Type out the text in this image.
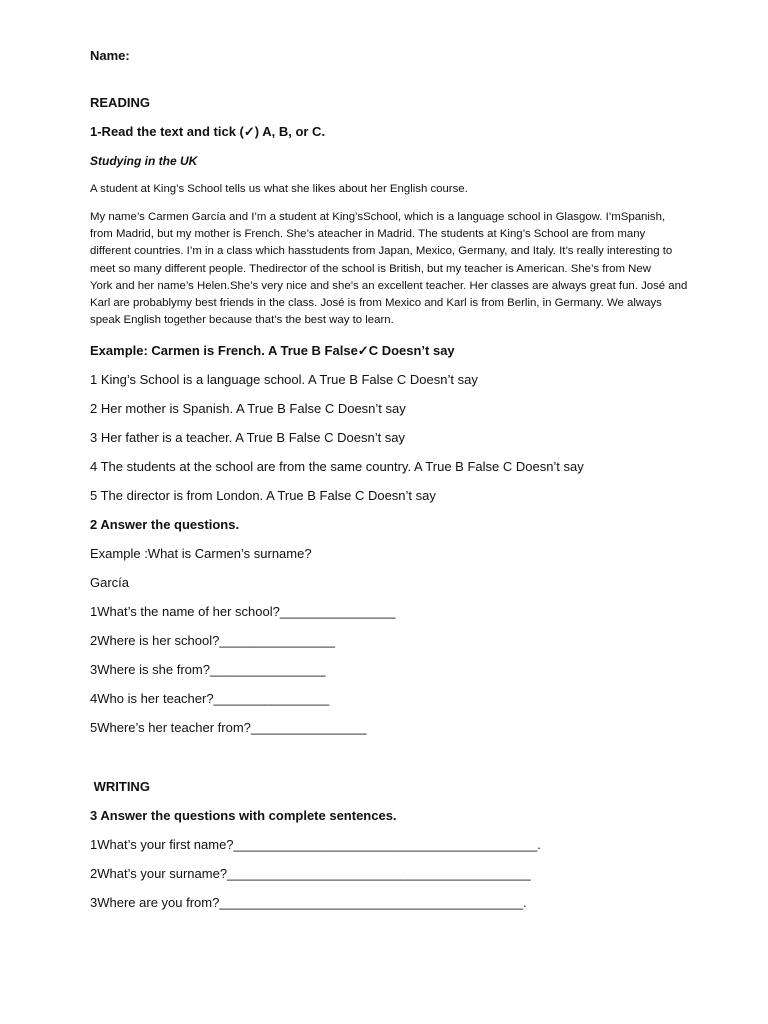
Name:
READING
1-Read the text and tick (✓) A, B, or C.
Studying in the UK
A student at King’s School tells us what she likes about her English course.
My name’s Carmen García and I’m a student at King’sSchool, which is a language school in Glasgow. I’mSpanish,
from Madrid, but my mother is French. She’s ateacher in Madrid. The students at King’s School are from many
different countries. I’m in a class which hasstudents from Japan, Mexico, Germany, and Italy. It’s really interesting to
meet so many different people. Thedirector of the school is British, but my teacher is American. She’s from New
York and her name’s Helen.She’s very nice and she’s an excellent teacher. Her classes are always great fun. José and
Karl are probablymy best friends in the class. José is from Mexico and Karl is from Berlin, in Germany. We always
speak English together because that’s the best way to learn.
Example: Carmen is French. A True B False✓C Doesn’t say
1 King’s School is a language school. A True B False C Doesn’t say
2 Her mother is Spanish. A True B False C Doesn’t say
3 Her father is a teacher. A True B False C Doesn’t say
4 The students at the school are from the same country. A True B False C Doesn’t say
5 The director is from London. A True B False C Doesn’t say
2 Answer the questions.
Example :What is Carmen’s surname?
García
1What’s the name of her school?________________
2Where is her school?________________
3Where is she from?________________
4Who is her teacher?________________
5Where’s her teacher from?________________
WRITING
3 Answer the questions with complete sentences.
1What’s your first name?__________________________________________.
2What’s your surname?__________________________________________
3Where are you from?__________________________________________.
